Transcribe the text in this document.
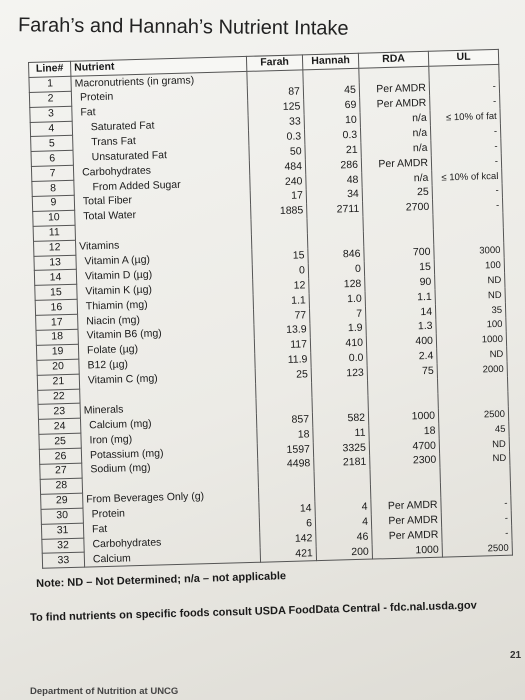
Farah’s and Hannah’s Nutrient Intake
Line#	Nutrient	Farah	Hannah	RDA	UL
1	Macronutrients (in grams)				
2	Protein	87	45	Per AMDR	-
3	Fat	125	69	Per AMDR	-
4	Saturated Fat	33	10	n/a	≤ 10% of fat
5	Trans Fat	0.3	0.3	n/a	-
6	Unsaturated Fat	50	21	n/a	-
7	Carbohydrates	484	286	Per AMDR	-
8	From Added Sugar	240	48	n/a	≤ 10% of kcal
9	Total Fiber	17	34	25	-
10	Total Water	1885	2711	2700	-
11					
12	Vitamins				
13	Vitamin A (µg)	15	846	700	3000
14	Vitamin D (µg)	0	0	15	100
15	Vitamin K (µg)	12	128	90	ND
16	Thiamin (mg)	1.1	1.0	1.1	ND
17	Niacin (mg)	77	7	14	35
18	Vitamin B6 (mg)	13.9	1.9	1.3	100
19	Folate (µg)	117	410	400	1000
20	B12 (µg)	11.9	0.0	2.4	ND
21	Vitamin C (mg)	25	123	75	2000
22					
23	Minerals				
24	Calcium (mg)	857	582	1000	2500
25	Iron (mg)	18	11	18	45
26	Potassium (mg)	1597	3325	4700	ND
27	Sodium (mg)	4498	2181	2300	ND
28					
29	From Beverages Only (g)				
30	Protein	14	4	Per AMDR	-
31	Fat	6	4	Per AMDR	-
32	Carbohydrates	142	46	Per AMDR	-
33	Calcium	421	200	1000	2500
Note: ND – Not Determined; n/a – not applicable
To find nutrients on specific foods consult USDA FoodData Central - fdc.nal.usda.gov
21
Department of Nutrition at UNCG
